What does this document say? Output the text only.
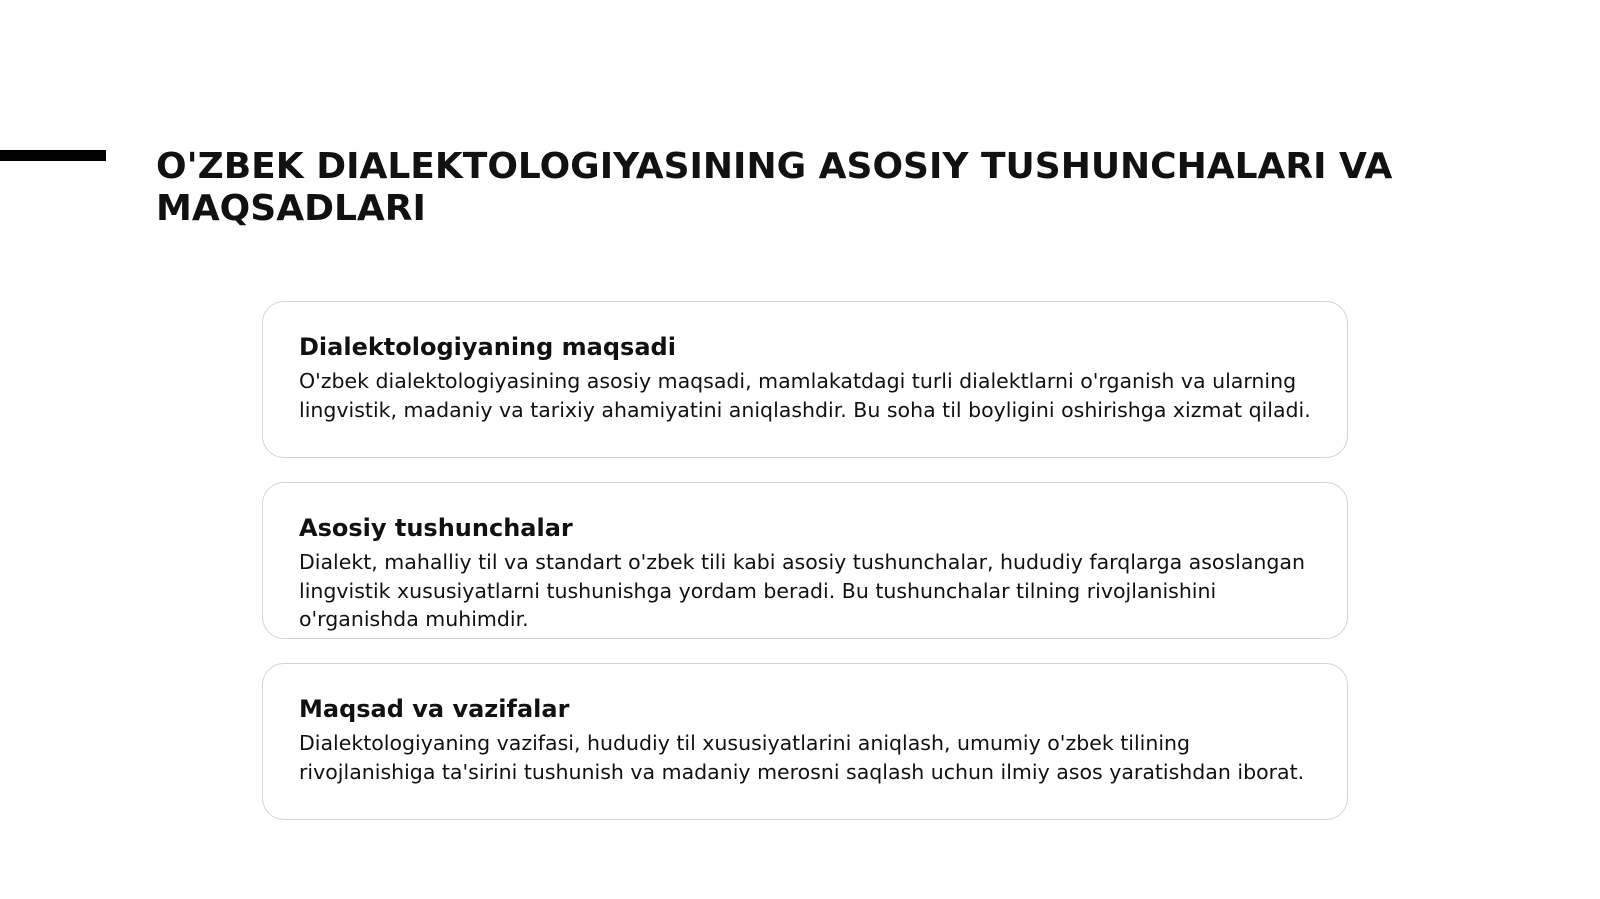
O'ZBEK DIALEKTOLOGIYASINING ASOSIY TUSHUNCHALARI VA MAQSADLARI
Dialektologiyaning maqsadi

O'zbek dialektologiyasining asosiy maqsadi, mamlakatdagi turli dialektlarni o'rganish va ularning lingvistik, madaniy va tarixiy ahamiyatini aniqlashdir. Bu soha til boyligini oshirishga xizmat qiladi.

Asosiy tushunchalar

Dialekt, mahalliy til va standart o'zbek tili kabi asosiy tushunchalar, hududiy farqlarga asoslangan lingvistik xususiyatlarni tushunishga yordam beradi. Bu tushunchalar tilning rivojlanishini o'rganishda muhimdir.

Maqsad va vazifalar

Dialektologiyaning vazifasi, hududiy til xususiyatlarini aniqlash, umumiy o'zbek tilining rivojlanishiga ta'sirini tushunish va madaniy merosni saqlash uchun ilmiy asos yaratishdan iborat.
